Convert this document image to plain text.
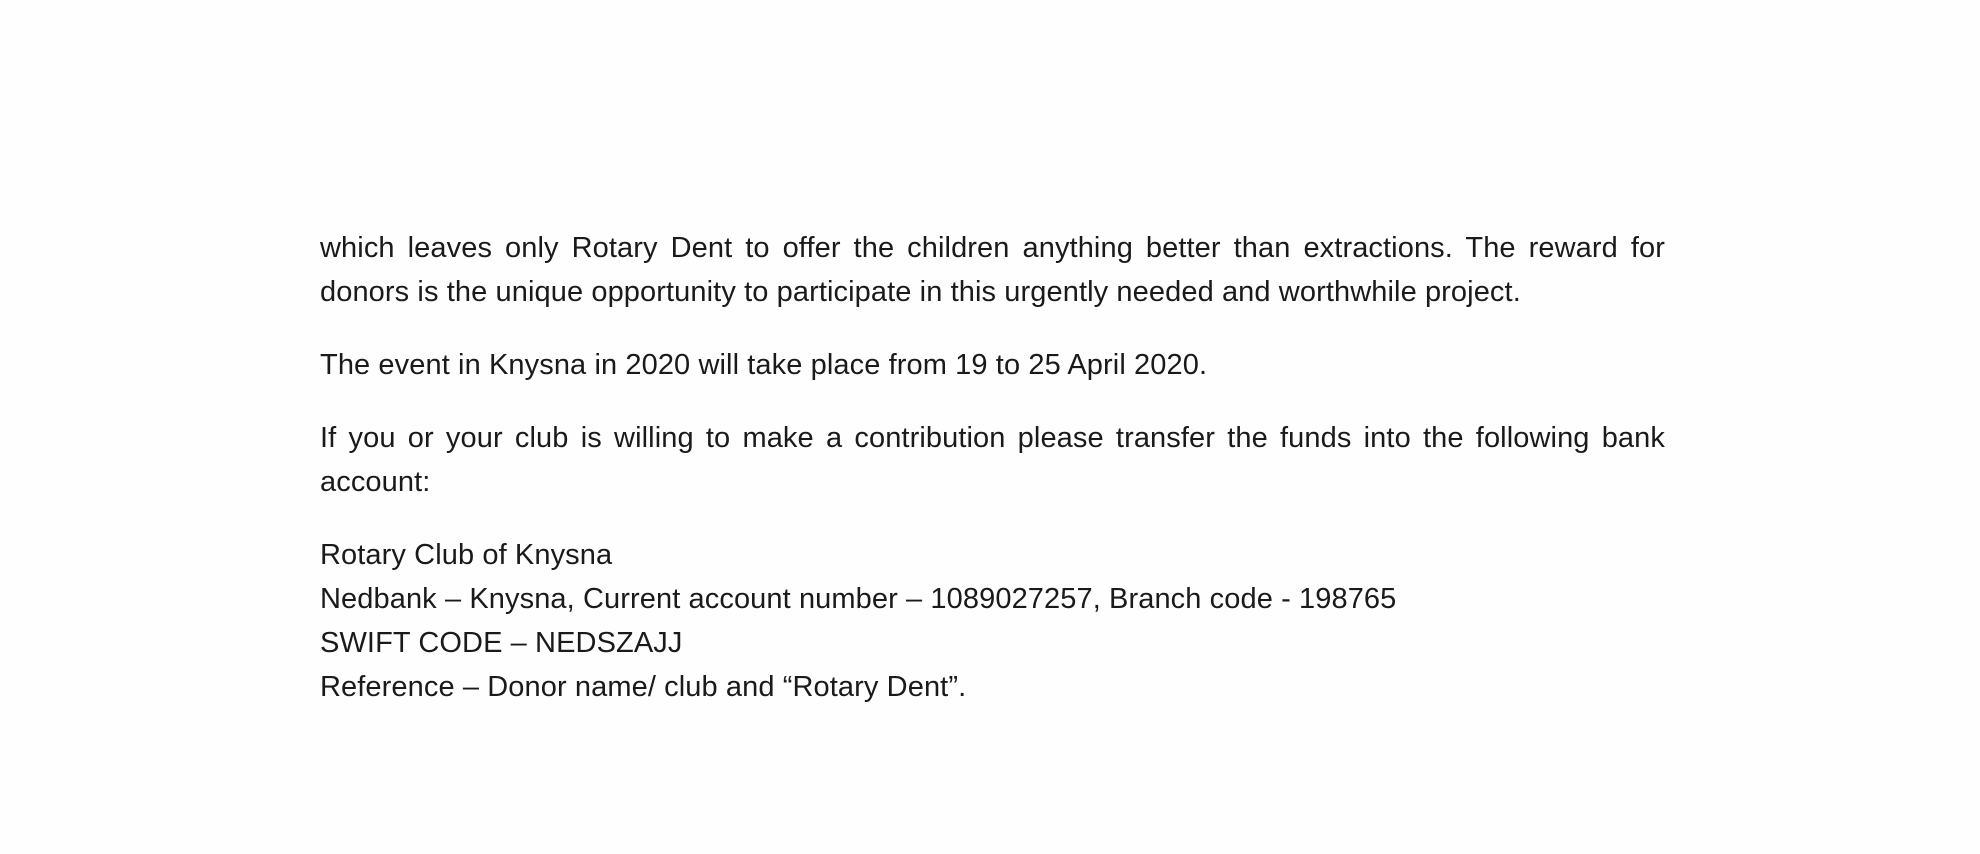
which leaves only Rotary Dent to offer the children anything better than extractions. The reward for donors is the unique opportunity to participate in this urgently needed and worthwhile project.

The event in Knysna in 2020 will take place from 19 to 25 April 2020.

If you or your club is willing to make a contribution please transfer the funds into the following bank account:

Rotary Club of Knysna
Nedbank – Knysna, Current account number – 1089027257, Branch code - 198765
SWIFT CODE – NEDSZAJJ
Reference – Donor name/ club and “Rotary Dent”.
